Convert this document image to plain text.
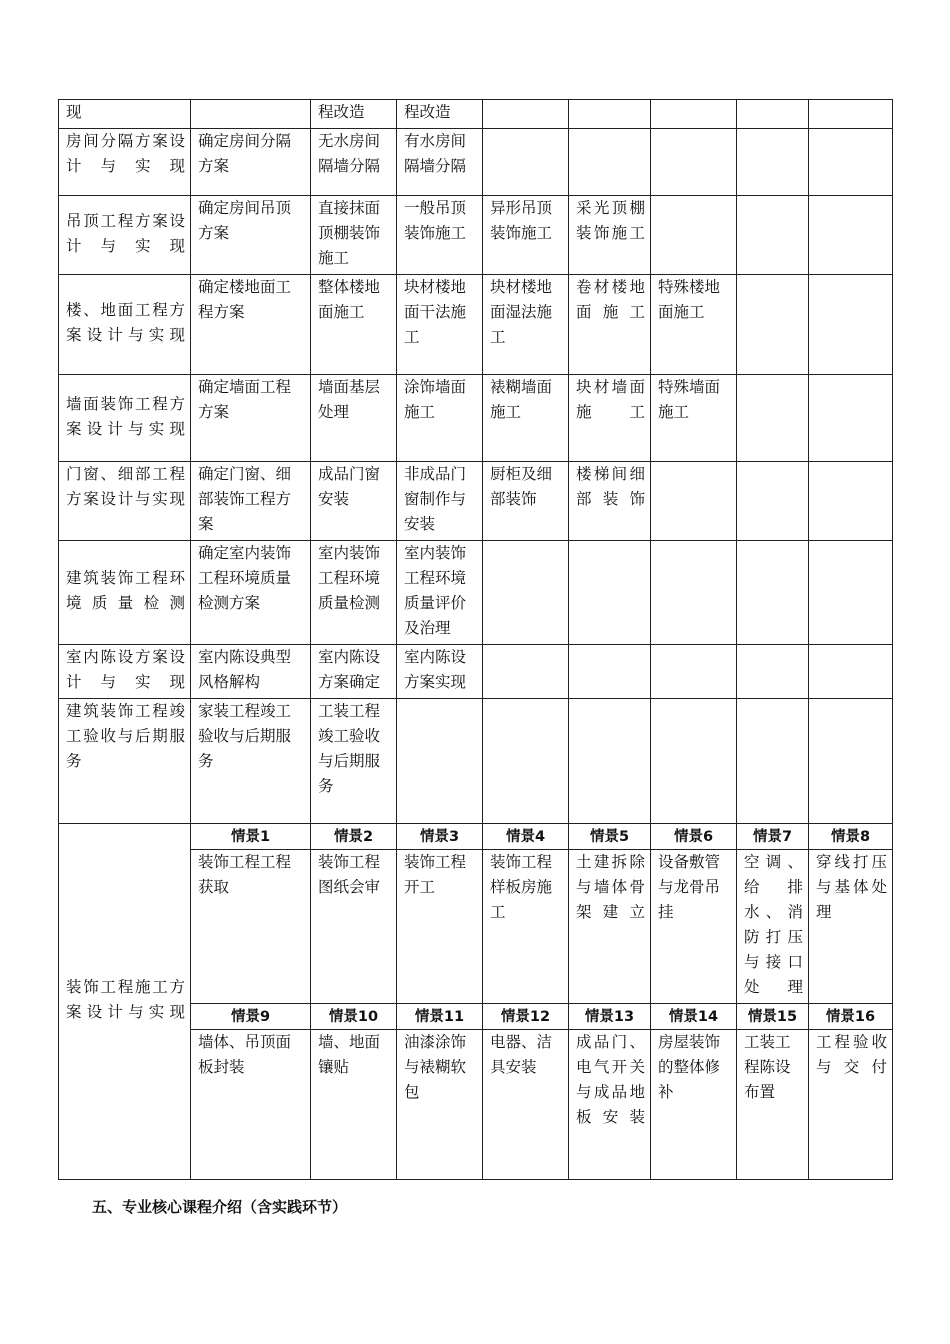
现		程改造	程改造					
房间分隔方案设计与实现	确定房间分隔方案	无水房间隔墙分隔	有水房间隔墙分隔					
吊顶工程方案设计与实现	确定房间吊顶方案	直接抹面顶棚装饰施工	一般吊顶装饰施工	异形吊顶装饰施工	采光顶棚装饰施工			
楼、地面工程方案设计与实现	确定楼地面工程方案	整体楼地面施工	块材楼地面干法施工	块材楼地面湿法施工	卷材楼地面施工	特殊楼地面施工		
墙面装饰工程方案设计与实现	确定墙面工程方案	墙面基层处理	涂饰墙面施工	裱糊墙面施工	块材墙面施工	特殊墙面施工		
门窗、细部工程方案设计与实现	确定门窗、细部装饰工程方案	成品门窗安装	非成品门窗制作与安装	厨柜及细部装饰	楼梯间细部装饰			
建筑装饰工程环境质量检测	确定室内装饰工程环境质量检测方案	室内装饰工程环境质量检测	室内装饰工程环境质量评价及治理					
室内陈设方案设计与实现	室内陈设典型风格解构	室内陈设方案确定	室内陈设方案实现					
建筑装饰工程竣工验收与后期服务	家装工程竣工验收与后期服务	工装工程竣工验收与后期服务						
装饰工程施工方案设计与实现	情景1	情景2	情景3	情景4	情景5	情景6	情景7	情景8
	装饰工程工程获取	装饰工程图纸会审	装饰工程开工	装饰工程样板房施工	土建拆除与墙体骨架建立	设备敷管与龙骨吊挂	空调、给排水、消防打压与接口处理	穿线打压与基体处理
	情景9	情景10	情景11	情景12	情景13	情景14	情景15	情景16
	墙体、吊顶面板封装	墙、地面镶贴	油漆涂饰与裱糊软包	电器、洁具安装	成品门、电气开关与成品地板安装	房屋装饰的整体修补	工装工程陈设布置	工程验收与交付
五、专业核心课程介绍（含实践环节）
